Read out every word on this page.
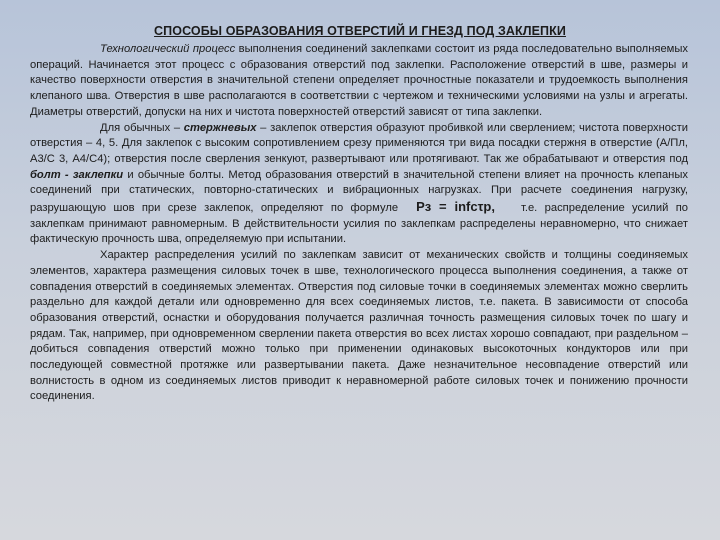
СПОСОБЫ ОБРАЗОВАНИЯ ОТВЕРСТИЙ И ГНЕЗД ПОД ЗАКЛЕПКИ

Технологический процесс выполнения соединений заклепками состоит из ряда последовательно выполняемых операций. Начинается этот процесс с образования отверстий под заклепки. Расположение отверстий в шве, размеры и качество поверхности отверстия в значительной степени определяет прочностные показатели и трудоемкость выполнения клепаного шва. Отверстия в шве располагаются в соответствии с чертежом и техническими условиями на узлы и агрегаты. Диаметры отверстий, допуски на них и чистота поверхностей отверстий зависят от типа заклепки.

Для обычных – стержневых – заклепок отверстия образуют пробивкой или сверлением; чистота поверхности отверстия – 4, 5. Для заклепок с высоким сопротивлением срезу применяются три вида посадки стержня в отверстие (А/Пл, А3/С 3, А4/С4); отверстия после сверления зенкуют, развертывают или протягивают. Так же обрабатывают и отверстия под болт - заклепки и обычные болты. Метод образования отверстий в значительной степени влияет на прочность клепаных соединений при статических, повторно-статических и вибрационных нагрузках. При расчете соединения нагрузку, разрушающую шов при срезе заклепок, определяют по формуле Рз = infcτр, т.е. распределение усилий по заклепкам принимают равномерным. В действительности усилия по заклепкам распределены неравномерно, что снижает фактическую прочность шва, определяемую при испытании.

Характер распределения усилий по заклепкам зависит от механических свойств и толщины соединяемых элементов, характера размещения силовых точек в шве, технологического процесса выполнения соединения, а также от совпадения отверстий в соединяемых элементах. Отверстия под силовые точки в соединяемых элементах можно сверлить раздельно для каждой детали или одновременно для всех соединяемых листов, т.е. пакета. В зависимости от способа образования отверстий, оснастки и оборудования получается различная точность размещения силовых точек по шагу и рядам. Так, например, при одновременном сверлении пакета отверстия во всех листах хорошо совпадают, при раздельном – добиться совпадения отверстий можно только при применении одинаковых высокоточных кондукторов или при последующей совместной протяжке или развертывании пакета. Даже незначительное несовпадение отверстий или волнистость в одном из соединяемых листов приводит к неравномерной работе силовых точек и понижению прочности соединения.
